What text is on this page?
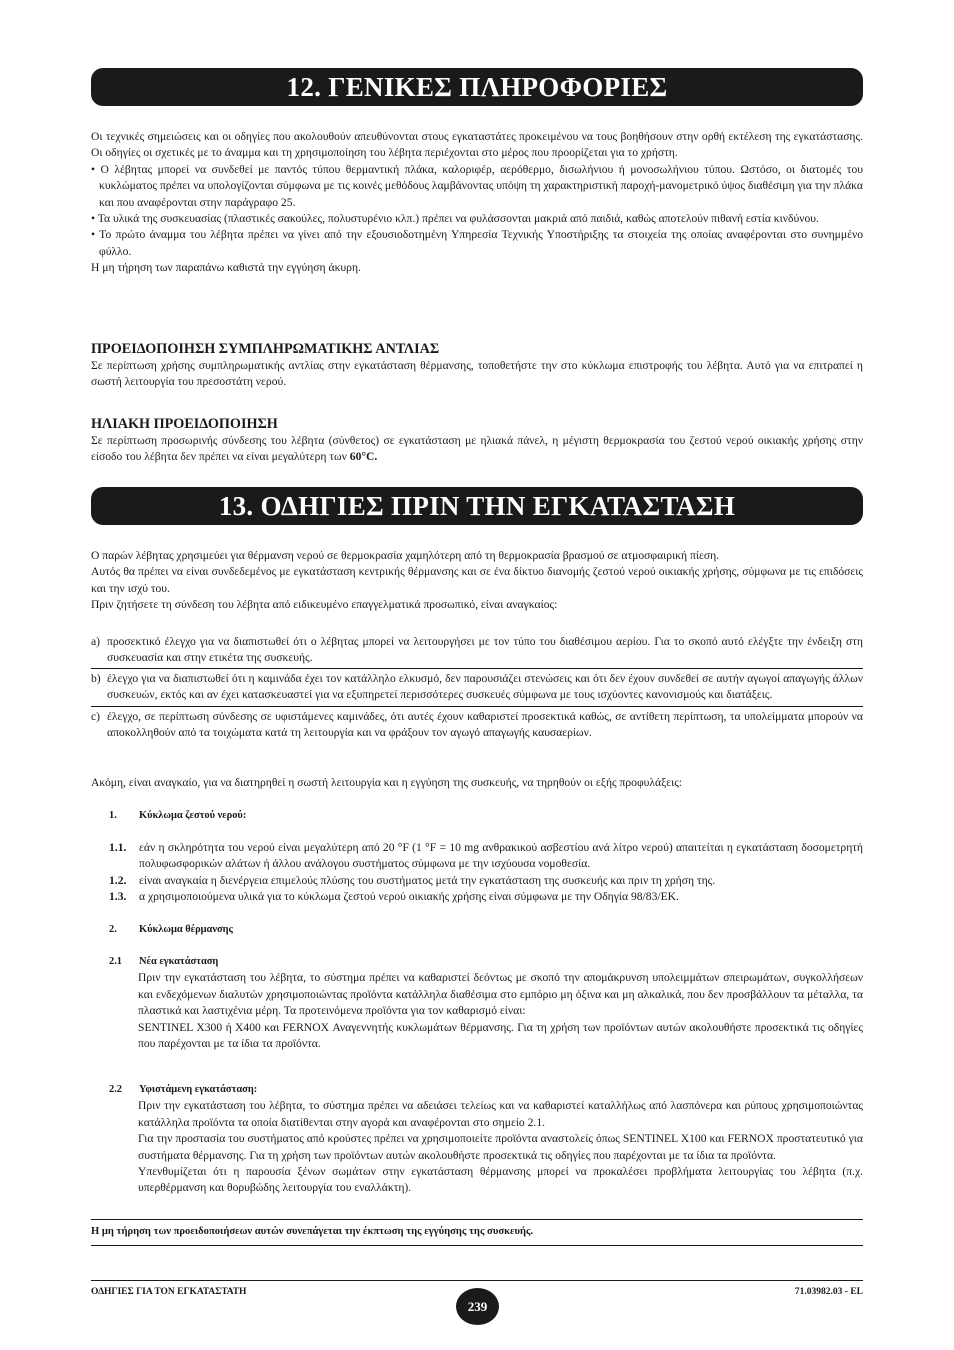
12. ΓΕΝΙΚΕΣ ΠΛΗΡΟΦΟΡΙΕΣ

Οι τεχνικές σημειώσεις και οι οδηγίες που ακολουθούν απευθύνονται στους εγκαταστάτες προκειμένου να τους βοηθήσουν στην ορθή εκτέλεση της εγκατάστασης. Οι οδηγίες οι σχετικές με το άναμμα και τη χρησιμοποίηση του λέβητα περιέχονται στο μέρος που προορίζεται για το χρήστη.

• Ο λέβητας μπορεί να συνδεθεί με παντός τύπου θερμαντική πλάκα, καλοριφέρ, αερόθερμο, δισωλήνιου ή μονοσωλήνιου τύπου. Ωστόσο, οι διατομές του κυκλώματος πρέπει να υπολογίζονται σύμφωνα με τις κοινές μεθόδους λαμβάνοντας υπόψη τη χαρακτηριστική παροχή-μανομετρικό ύψος διαθέσιμη για την πλάκα και που αναφέρονται στην παράγραφο 25.

• Τα υλικά της συσκευασίας (πλαστικές σακούλες, πολυστυρένιο κλπ.) πρέπει να φυλάσσονται μακριά από παιδιά, καθώς αποτελούν πιθανή εστία κινδύνου.

• Το πρώτο άναμμα του λέβητα πρέπει να γίνει από την εξουσιοδοτημένη Υπηρεσία Τεχνικής Υποστήριξης τα στοιχεία της οποίας αναφέρονται στο συνημμένο φύλλο.

Η μη τήρηση των παραπάνω καθιστά την εγγύηση άκυρη.

ΠΡΟΕΙΔΟΠΟΙΗΣΗ ΣΥΜΠΛΗΡΩΜΑΤΙΚΗΣ ΑΝΤΛΙΑΣ

Σε περίπτωση χρήσης συμπληρωματικής αντλίας στην εγκατάσταση θέρμανσης, τοποθετήστε την στο κύκλωμα επιστροφής του λέβητα. Αυτό για να επιτραπεί η σωστή λειτουργία του πρεσοστάτη νερού.

ΗΛΙΑΚΗ ΠΡΟΕΙΔΟΠΟΙΗΣΗ

Σε περίπτωση προσωρινής σύνδεσης του λέβητα (σύνθετος) σε εγκατάσταση με ηλιακά πάνελ, η μέγιστη θερμοκρασία του ζεστού νερού οικιακής χρήσης στην είσοδο του λέβητα δεν πρέπει να είναι μεγαλύτερη των 60°C.

13. ΟΔΗΓΙΕΣ ΠΡΙΝ ΤΗΝ ΕΓΚΑΤΑΣΤΑΣΗ

Ο παρών λέβητας χρησιμεύει για θέρμανση νερού σε θερμοκρασία χαμηλότερη από τη θερμοκρασία βρασμού σε ατμοσφαιρική πίεση.

Αυτός θα πρέπει να είναι συνδεδεμένος με εγκατάσταση κεντρικής θέρμανσης και σε ένα δίκτυο διανομής ζεστού νερού οικιακής χρήσης, σύμφωνα με τις επιδόσεις και την ισχύ του.

Πριν ζητήσετε τη σύνδεση του λέβητα από ειδικευμένο επαγγελματικά προσωπικό, είναι αναγκαίος:

a) προσεκτικό έλεγχο για να διαπιστωθεί ότι ο λέβητας μπορεί να λειτουργήσει με τον τύπο του διαθέσιμου αερίου. Για το σκοπό αυτό ελέγξτε την ένδειξη στη συσκευασία και στην ετικέτα της συσκευής.
b) έλεγχο για να διαπιστωθεί ότι η καμινάδα έχει τον κατάλληλο ελκυσμό, δεν παρουσιάζει στενώσεις και ότι δεν έχουν συνδεθεί σε αυτήν αγωγοί απαγωγής άλλων συσκευών, εκτός και αν έχει κατασκευαστεί για να εξυπηρετεί περισσότερες συσκευές σύμφωνα με τους ισχύοντες κανονισμούς και διατάξεις.
c) έλεγχο, σε περίπτωση σύνδεσης σε υφιστάμενες καμινάδες, ότι αυτές έχουν καθαριστεί προσεκτικά καθώς, σε αντίθετη περίπτωση, τα υπολείμματα μπορούν να αποκολληθούν από τα τοιχώματα κατά τη λειτουργία και να φράξουν τον αγωγό απαγωγής καυσαερίων.
Ακόμη, είναι αναγκαίο, για να διατηρηθεί η σωστή λειτουργία και η εγγύηση της συσκευής, να τηρηθούν οι εξής προφυλάξεις:
1.	Κύκλωμα ζεστού νερού:
1.1.	εάν η σκληρότητα του νερού είναι μεγαλύτερη από 20 °F (1 °F = 10 mg ανθρακικού ασβεστίου ανά λίτρο νερού) απαιτείται η εγκατάσταση δοσομετρητή πολυφωσφορικών αλάτων ή άλλου ανάλογου συστήματος σύμφωνα με την ισχύουσα νομοθεσία.
1.2.	είναι αναγκαία η διενέργεια επιμελούς πλύσης του συστήματος μετά την εγκατάσταση της συσκευής και πριν τη χρήση της.
1.3.	α χρησιμοποιούμενα υλικά για το κύκλωμα ζεστού νερού οικιακής χρήσης είναι σύμφωνα με την Οδηγία 98/83/ΕΚ.
2.	Κύκλωμα θέρμανσης
2.1	Νέα εγκατάσταση

Πριν την εγκατάσταση του λέβητα, το σύστημα πρέπει να καθαριστεί δεόντως με σκοπό την απομάκρυνση υπολειμμάτων σπειρωμάτων, συγκολλήσεων και ενδεχόμενων διαλυτών χρησιμοποιώντας προϊόντα κατάλληλα διαθέσιμα στο εμπόριο μη όξινα και μη αλκαλικά, που δεν προσβάλλουν τα μέταλλα, τα πλαστικά και λαστιχένια μέρη. Τα προτεινόμενα προϊόντα για τον καθαρισμό είναι:

SENTINEL X300 ή X400 και FERNOX Αναγεννητής κυκλωμάτων θέρμανσης. Για τη χρήση των προϊόντων αυτών ακολουθήστε προσεκτικά τις οδηγίες που παρέχονται με τα ίδια τα προϊόντα.

2.2	Υφιστάμενη εγκατάσταση:

Πριν την εγκατάσταση του λέβητα, το σύστημα πρέπει να αδειάσει τελείως και να καθαριστεί καταλλήλως από λασπόνερα και ρύπους χρησιμοποιώντας κατάλληλα προϊόντα τα οποία διατίθενται στην αγορά και αναφέρονται στο σημείο 2.1.

Για την προστασία του συστήματος από κρούστες πρέπει να χρησιμοποιείτε προϊόντα αναστολείς όπως SENTINEL X100 και FERNOX προστατευτικό για συστήματα θέρμανσης. Για τη χρήση των προϊόντων αυτών ακολουθήστε προσεκτικά τις οδηγίες που παρέχονται με τα ίδια τα προϊόντα.

Υπενθυμίζεται ότι η παρουσία ξένων σωμάτων στην εγκατάσταση θέρμανσης μπορεί να προκαλέσει προβλήματα λειτουργίας του λέβητα (π.χ. υπερθέρμανση και θορυβώδης λειτουργία του εναλλάκτη).

Η μη τήρηση των προειδοποιήσεων αυτών συνεπάγεται την έκπτωση της εγγύησης της συσκευής.

ΟΔΗΓΙΕΣ ΓΙΑ ΤΟΝ ΕΓΚΑΤΑΣΤΑΤΗ
239
71.03982.03 - EL
